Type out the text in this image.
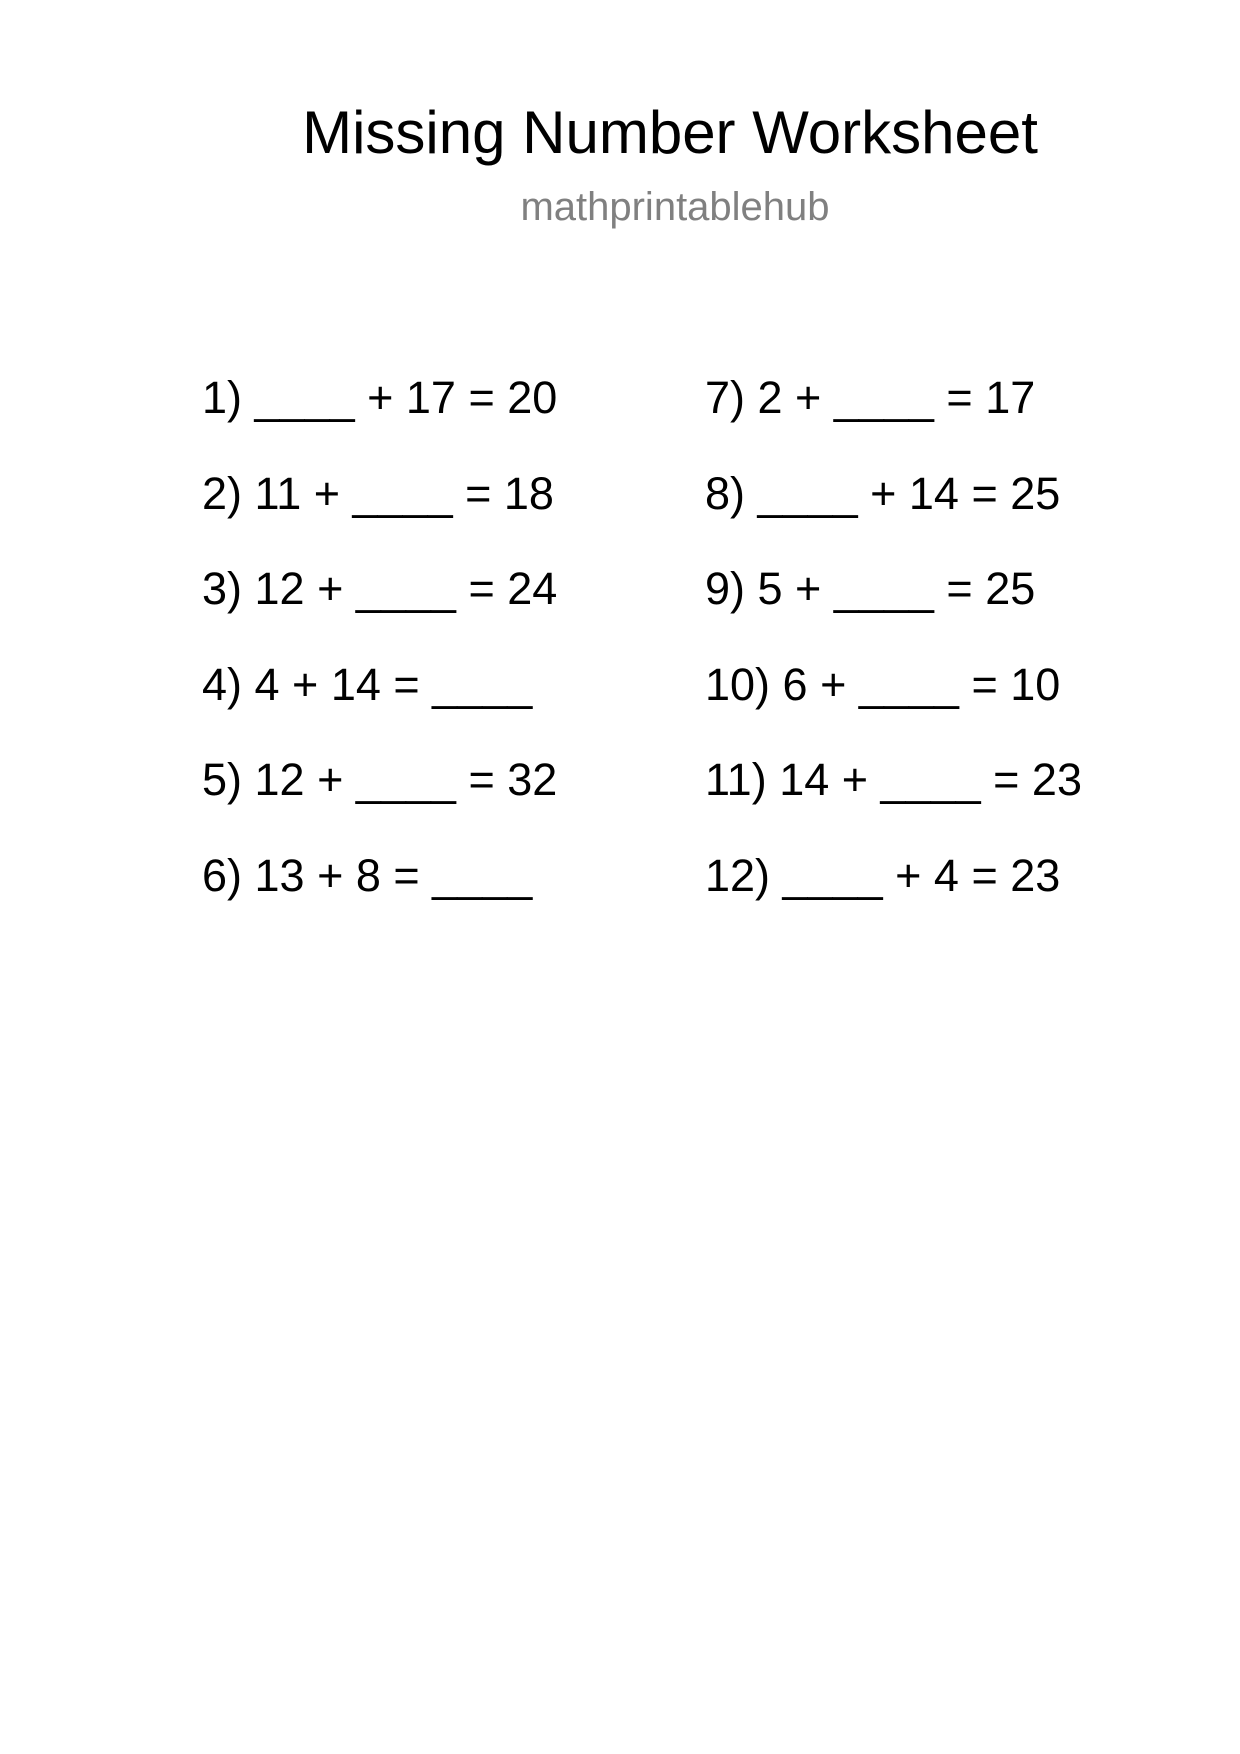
Missing Number Worksheet
mathprintablehub
1) ____ + 17 = 20
2) 11 + ____ = 18
3) 12 + ____ = 24
4) 4 + 14 = ____
5) 12 + ____ = 32
6) 13 + 8 = ____
7) 2 + ____ = 17
8) ____ + 14 = 25
9) 5 + ____ = 25
10) 6 + ____ = 10
11) 14 + ____ = 23
12) ____ + 4 = 23
